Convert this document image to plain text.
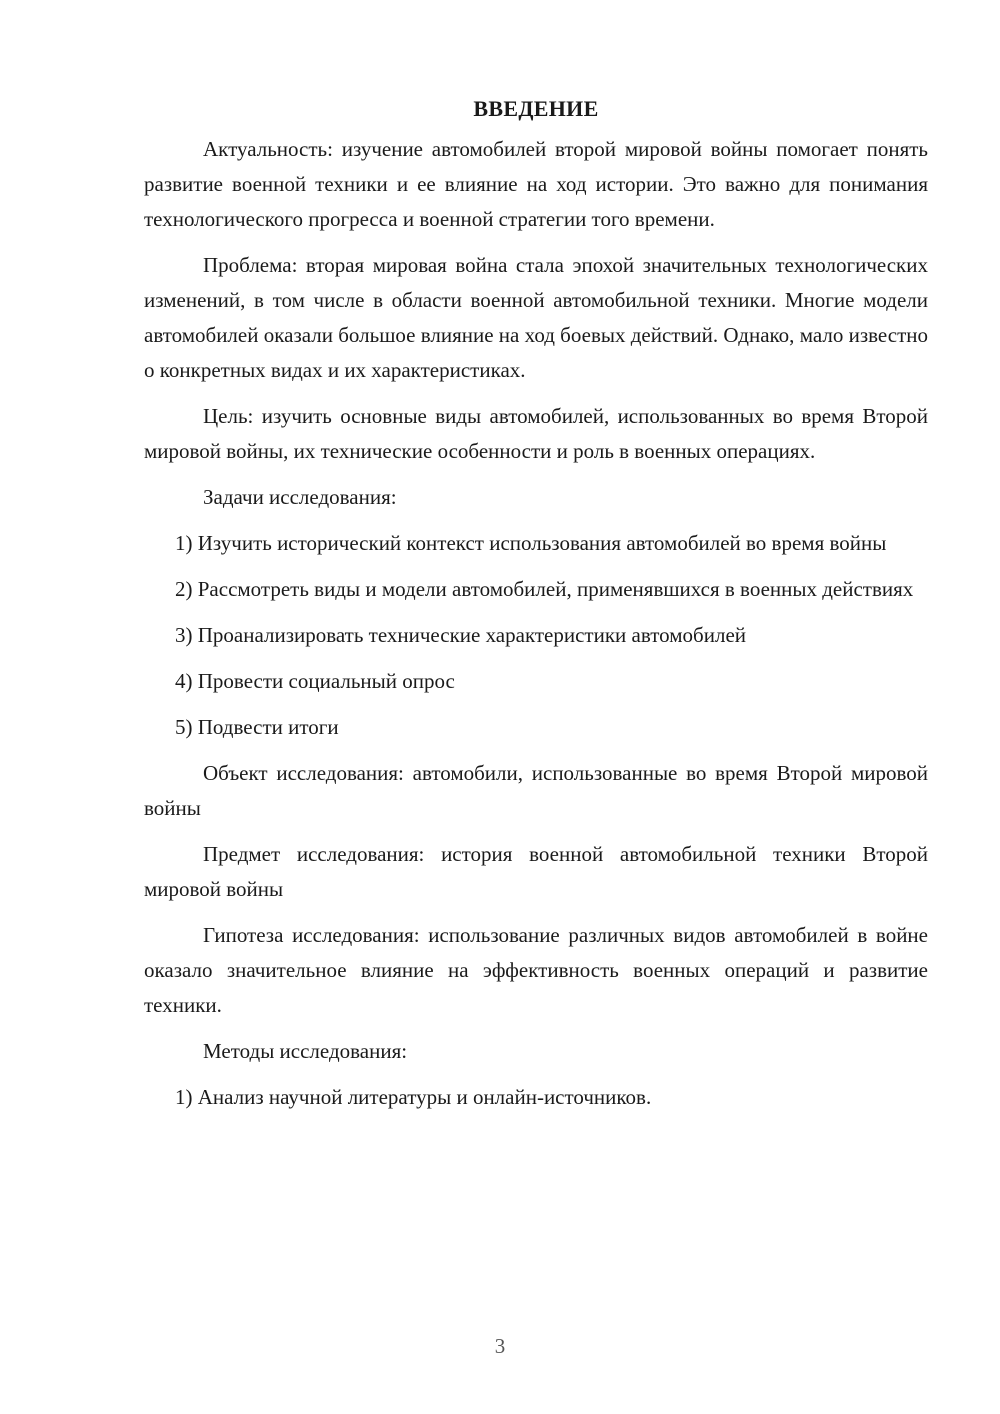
ВВЕДЕНИЕ

Актуальность: изучение автомобилей второй мировой войны помогает понять развитие военной техники и ее влияние на ход истории. Это важно для понимания технологического прогресса и военной стратегии того времени.

Проблема: вторая мировая война стала эпохой значительных технологических изменений, в том числе в области военной автомобильной техники. Многие модели автомобилей оказали большое влияние на ход боевых действий. Однако, мало известно о конкретных видах и их характеристиках.

Цель: изучить основные виды автомобилей, использованных во время Второй мировой войны, их технические особенности и роль в военных операциях.

Задачи исследования:

1) Изучить исторический контекст использования автомобилей во время войны

2) Рассмотреть виды и модели автомобилей, применявшихся в военных действиях

3) Проанализировать технические характеристики автомобилей

4) Провести социальный опрос

5) Подвести итоги

Объект исследования: автомобили, использованные во время Второй мировой войны

Предмет исследования: история военной автомобильной техники Второй мировой войны

Гипотеза исследования: использование различных видов автомобилей в войне оказало значительное влияние на эффективность военных операций и развитие техники.

Методы исследования:

1) Анализ научной литературы и онлайн-источников.

3
